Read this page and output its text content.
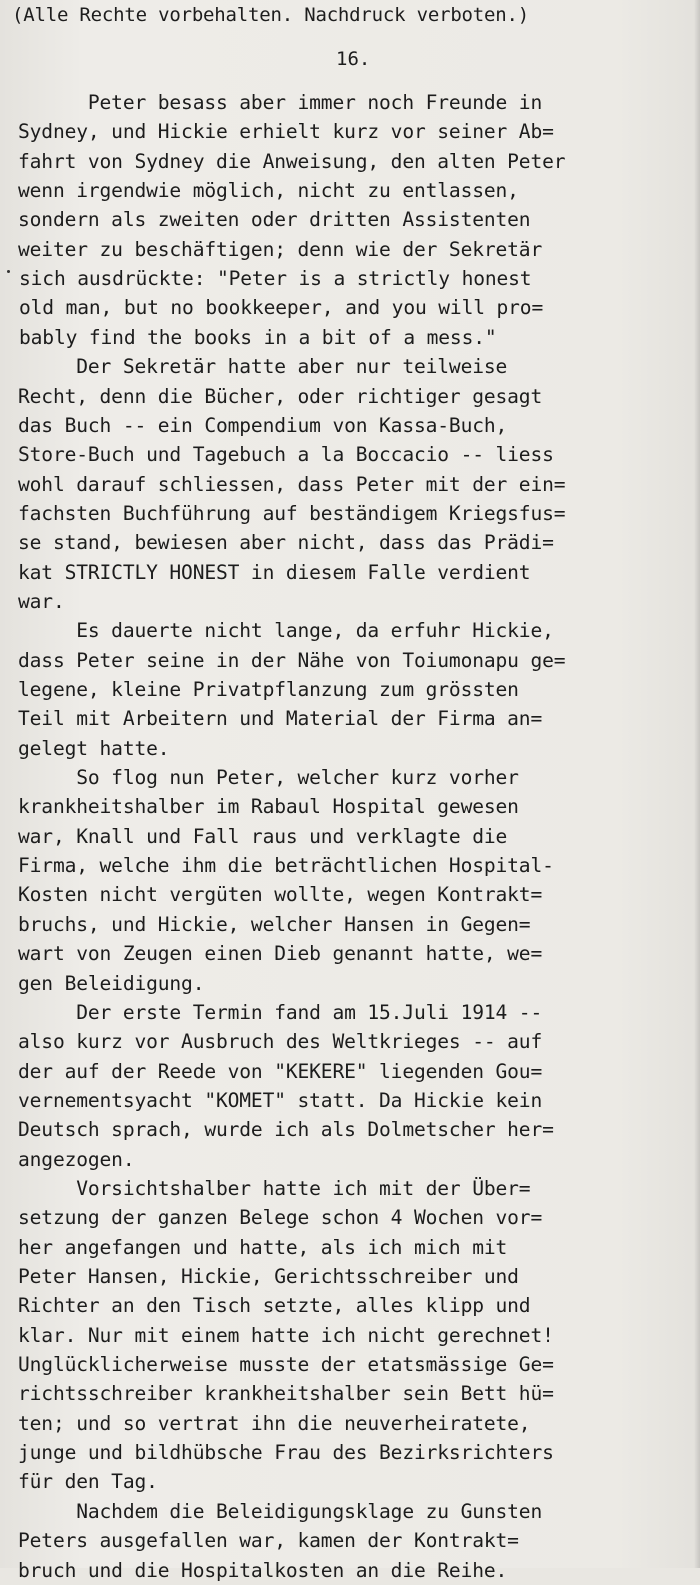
(Alle Rechte vorbehalten. Nachdruck verboten.)
16.
Peter besass aber immer noch Freunde in
Sydney, und Hickie erhielt kurz vor seiner Ab=
fahrt von Sydney die Anweisung, den alten Peter
wenn irgendwie möglich, nicht zu entlassen,
sondern als zweiten oder dritten Assistenten
weiter zu beschäftigen; denn wie der Sekretär
sich ausdrückte: "Peter is a strictly honest
old man, but no bookkeeper, and you will pro=
bably find the books in a bit of a mess."
Der Sekretär hatte aber nur teilweise
Recht, denn die Bücher, oder richtiger gesagt
das Buch -- ein Compendium von Kassa-Buch,
Store-Buch und Tagebuch a la Boccacio -- liess
wohl darauf schliessen, dass Peter mit der ein=
fachsten Buchführung auf beständigem Kriegsfus=
se stand, bewiesen aber nicht, dass das Prädi=
kat STRICTLY HONEST in diesem Falle verdient
war.
Es dauerte nicht lange, da erfuhr Hickie,
dass Peter seine in der Nähe von Toiumonapu ge=
legene, kleine Privatpflanzung zum grössten
Teil mit Arbeitern und Material der Firma an=
gelegt hatte.
So flog nun Peter, welcher kurz vorher
krankheitshalber im Rabaul Hospital gewesen
war, Knall und Fall raus und verklagte die
Firma, welche ihm die beträchtlichen Hospital-
Kosten nicht vergüten wollte, wegen Kontrakt=
bruchs, und Hickie, welcher Hansen in Gegen=
wart von Zeugen einen Dieb genannt hatte, we=
gen Beleidigung.
Der erste Termin fand am 15.Juli 1914 --
also kurz vor Ausbruch des Weltkrieges -- auf
der auf der Reede von "KEKERE" liegenden Gou=
vernementsyacht "KOMET" statt. Da Hickie kein
Deutsch sprach, wurde ich als Dolmetscher her=
angezogen.
Vorsichtshalber hatte ich mit der Über=
setzung der ganzen Belege schon 4 Wochen vor=
her angefangen und hatte, als ich mich mit
Peter Hansen, Hickie, Gerichtsschreiber und
Richter an den Tisch setzte, alles klipp und
klar. Nur mit einem hatte ich nicht gerechnet!
Unglücklicherweise musste der etatsmässige Ge=
richtsschreiber krankheitshalber sein Bett hü=
ten; und so vertrat ihn die neuverheiratete,
junge und bildhübsche Frau des Bezirksrichters
für den Tag.
Nachdem die Beleidigungsklage zu Gunsten
Peters ausgefallen war, kamen der Kontrakt=
bruch und die Hospitalkosten an die Reihe.
